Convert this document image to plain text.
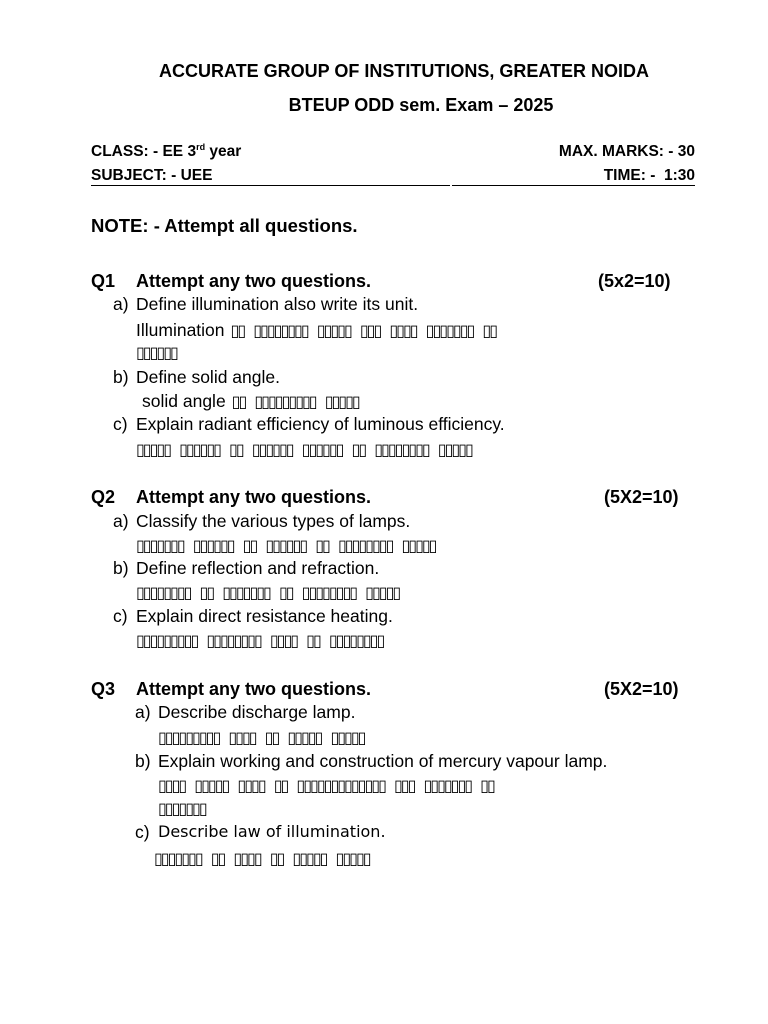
ACCURATE GROUP OF INSTITUTIONS, GREATER NOIDA
BTEUP ODD sem. Exam – 2025
CLASS: - EE 3rd year	MAX. MARKS: - 30
SUBJECT: - UEE	TIME: -  1:30
NOTE: - Attempt all questions.
Q1 Attempt any two questions.	(5x2=10)
a) Define illumination also write its unit.
Illumination ▯▯ ▯▯▯▯▯▯▯▯ ▯▯▯▯▯ ▯▯▯ ▯▯▯▯ ▯▯▯▯▯▯▯ ▯▯
▯▯▯▯▯▯
b) Define solid angle.
solid angle ▯▯ ▯▯▯▯▯▯▯▯▯ ▯▯▯▯▯
c) Explain radiant efficiency of luminous efficiency.
▯▯▯▯▯ ▯▯▯▯▯▯ ▯▯ ▯▯▯▯▯▯ ▯▯▯▯▯▯ ▯▯ ▯▯▯▯▯▯▯▯ ▯▯▯▯▯
Q2 Attempt any two questions.	(5X2=10)
a) Classify the various types of lamps.
▯▯▯▯▯▯▯ ▯▯▯▯▯▯ ▯▯ ▯▯▯▯▯▯ ▯▯ ▯▯▯▯▯▯▯▯ ▯▯▯▯▯
b) Define reflection and refraction.
▯▯▯▯▯▯▯▯ ▯▯ ▯▯▯▯▯▯▯ ▯▯ ▯▯▯▯▯▯▯▯ ▯▯▯▯▯
c) Explain direct resistance heating.
▯▯▯▯▯▯▯▯▯ ▯▯▯▯▯▯▯▯ ▯▯▯▯ ▯▯ ▯▯▯▯▯▯▯▯
Q3 Attempt any two questions.	(5X2=10)
a) Describe discharge lamp.
▯▯▯▯▯▯▯▯▯ ▯▯▯▯ ▯▯ ▯▯▯▯▯ ▯▯▯▯▯
b) Explain working and construction of mercury vapour lamp.
▯▯▯▯ ▯▯▯▯▯ ▯▯▯▯ ▯▯ ▯▯▯▯▯▯▯▯▯▯▯▯▯ ▯▯▯ ▯▯▯▯▯▯▯ ▯▯
▯▯▯▯▯▯▯
c) Describe law of illumination.
▯▯▯▯▯▯▯ ▯▯ ▯▯▯▯ ▯▯ ▯▯▯▯▯ ▯▯▯▯▯
